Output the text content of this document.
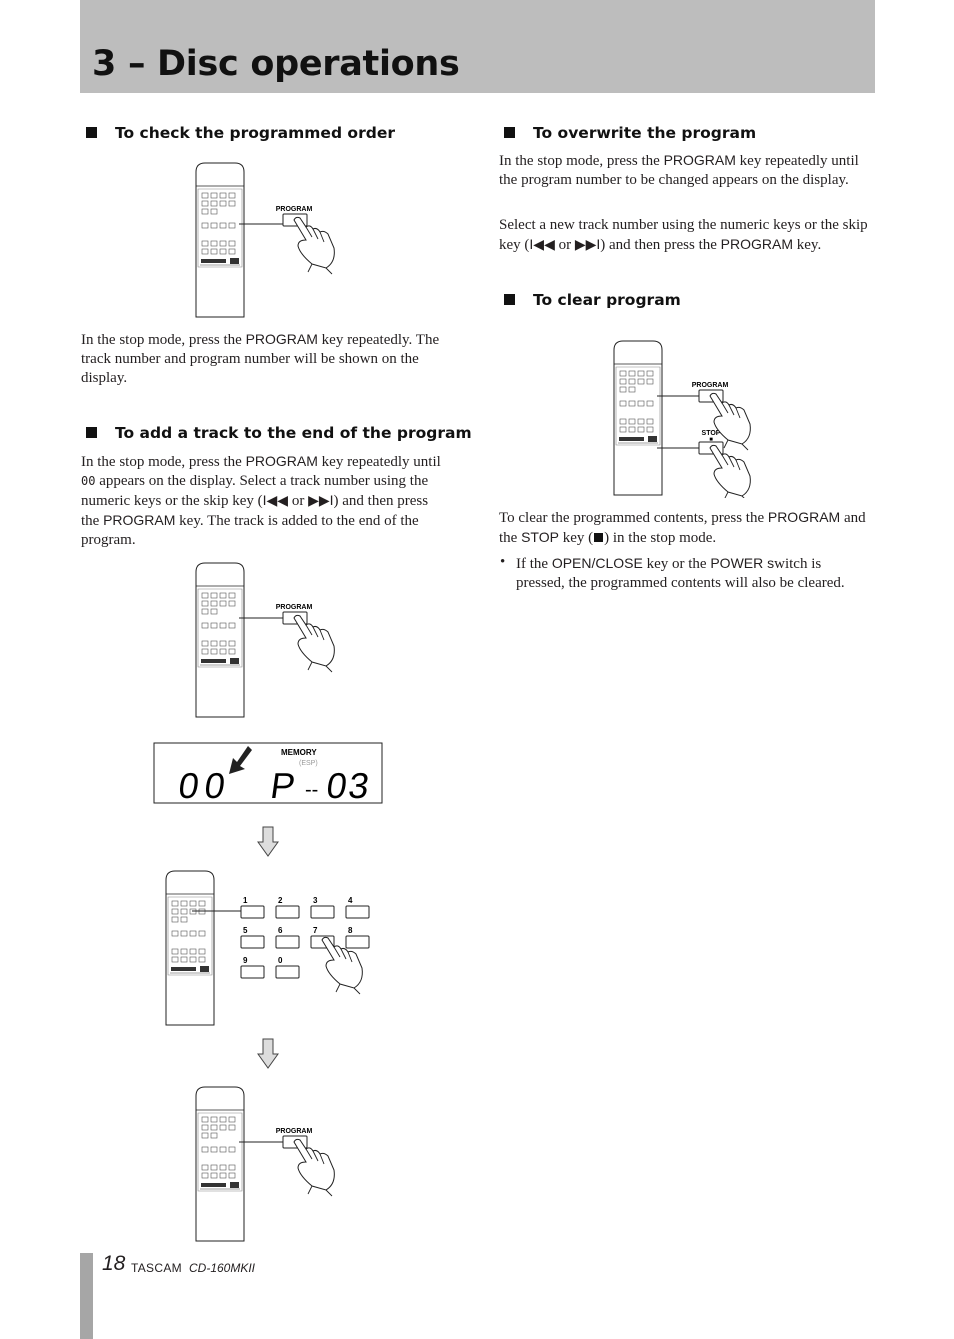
3 – Disc operations
To check the programmed order
PROGRAM

In the stop mode, press the PROGRAM key repeatedly. The track number and program number will be shown on the display.

To add a track to the end of the program

In the stop mode, press the PROGRAM key repeatedly until 00 appears on the display. Select a track number using the numeric keys or the skip key (I◀◀ or ▶▶I) and then press the PROGRAM key. The track is added to the end of the program.

PROGRAM
MEMORY
(ESP)
00 P -- 03
1	2	3	4
5	6	7	8
9	0
PROGRAM
To overwrite the program

In the stop mode, press the PROGRAM key repeatedly until the program number to be changed appears on the display.

Select a new track number using the numeric keys or the skip key (I◀◀ or ▶▶I) and then press the PROGRAM key.

To clear program
PROGRAM
STOP
■

To clear the programmed contents, press the PROGRAM and the STOP key ( ) in the stop mode.

• If the OPEN/CLOSE key or the POWER switch is pressed, the programmed contents will also be cleared.

18 TASCAM CD-160MKII
